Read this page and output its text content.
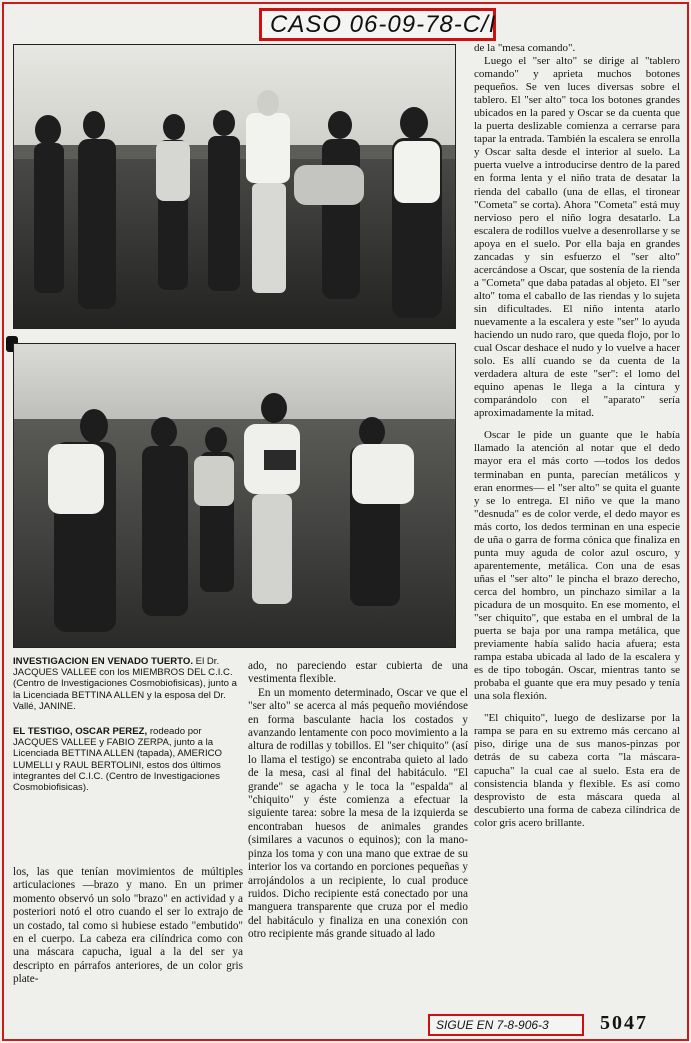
CASO 06-09-78-C/I

INVESTIGACION EN VENADO TUERTO. El Dr. JACQUES VALLEE con los MIEMBROS DEL C.I.C. (Centro de Investigaciones Cosmobiofisicas), junto a la Licenciada BETTINA ALLEN y la esposa del Dr. Vallé, JANINE.

EL TESTIGO, OSCAR PEREZ, rodeado por JACQUES VALLEE y FABIO ZERPA, junto a la Licenciada BETTINA ALLEN (tapada), AMERICO LUMELLI y RAUL BERTOLINI, estos dos últimos integrantes del C.I.C. (Centro de Investigaciones Cosmobiofisicas).

los, las que tenían movimientos de múltiples articulaciones —brazo y mano. En un primer momento observó un solo "brazo" en actividad y a posteriori notó el otro cuando el ser lo extrajo de un costado, tal como si hubiese estado "embutido" en el cuerpo. La cabeza era cilíndrica como con una máscara capucha, igual a la del ser ya descripto en párrafos anteriores, de un color gris plate-

ado, no pareciendo estar cubierta de una vestimenta flexible.

En un momento determinado, Oscar ve que el "ser alto" se acerca al más pequeño moviéndose en forma basculante hacia los costados y avanzando lentamente con poco movimiento a la altura de rodillas y tobillos. El "ser chiquito" (así lo llama el testigo) se encontraba quieto al lado de la mesa, casi al final del habitáculo. "El grande" se agacha y le toca la "espalda" al "chiquito" y éste comienza a efectuar la siguiente tarea: sobre la mesa de la izquierda se encontraban huesos de animales grandes (similares a vacunos o equinos); con la mano-pinza los toma y con una mano que extrae de su interior los va cortando en porciones pequeñas y arrojándolos a un recipiente, lo cual produce ruidos. Dicho recipiente está conectado por una manguera transparente que cruza por el medio del habitáculo y finaliza en una conexión con otro recipiente más grande situado al lado

de la "mesa comando".

Luego el "ser alto" se dirige al "tablero comando" y aprieta muchos botones pequeños. Se ven luces diversas sobre el tablero. El "ser alto" toca los botones grandes ubicados en la pared y Oscar se da cuenta que la puerta deslizable comienza a cerrarse para tapar la entrada. También la escalera se enrolla y Oscar salta desde el interior al suelo. La puerta vuelve a introducirse dentro de la pared en forma lenta y el niño trata de desatar la rienda del caballo (una de ellas, el tironear "Cometa" se corta). Ahora "Cometa" está muy nervioso pero el niño logra desatarlo. La escalera de rodillos vuelve a desenrollarse y se apoya en el suelo. Por ella baja en grandes zancadas y sin esfuerzo el "ser alto" acercándose a Oscar, que sostenía de la rienda a "Cometa" que daba patadas al objeto. El "ser alto" toma el caballo de las riendas y lo sujeta sin dificultades. El niño intenta atarlo nuevamente a la escalera y este "ser" lo ayuda haciendo un nudo raro, que queda flojo, por lo cual Oscar deshace el nudo y lo vuelve a hacer solo. Es allí cuando se da cuenta de la verdadera altura de este "ser": el lomo del equino apenas le llega a la cintura y comparándolo con el "aparato" sería aproximadamente la mitad.

Oscar le pide un guante que le había llamado la atención al notar que el dedo mayor era el más corto —todos los dedos terminaban en punta, parecían metálicos y eran enormes— el "ser alto" se quita el guante y se lo entrega. El niño ve que la mano "desnuda" es de color verde, el dedo mayor es más corto, los dedos terminan en una especie de uña o garra de forma cónica que finaliza en punta muy aguda de color azul oscuro, y aparentemente, metálica. Con una de esas uñas el "ser alto" le pincha el brazo derecho, cerca del hombro, un pinchazo similar a la picadura de un mosquito. En ese momento, el "ser chiquito", que estaba en el umbral de la puerta se baja por una rampa metálica, que previamente había salido hacia afuera; esta rampa estaba ubicada al lado de la escalera y es de tipo tobogán. Oscar, mientras tanto se probaba el guante que era muy pesado y tenía una sola flexión.

"El chiquito", luego de deslizarse por la rampa se para en su extremo más cercano al piso, dirige una de sus manos-pinzas por detrás de su cabeza corta "la máscara-capucha" la cual cae al suelo. Esta era de consistencia blanda y flexible. Es así como desprovisto de esta máscara queda al descubierto una forma de cabeza cilíndrica de color gris acero brillante.

SIGUE EN 7-8-906-3	5047
